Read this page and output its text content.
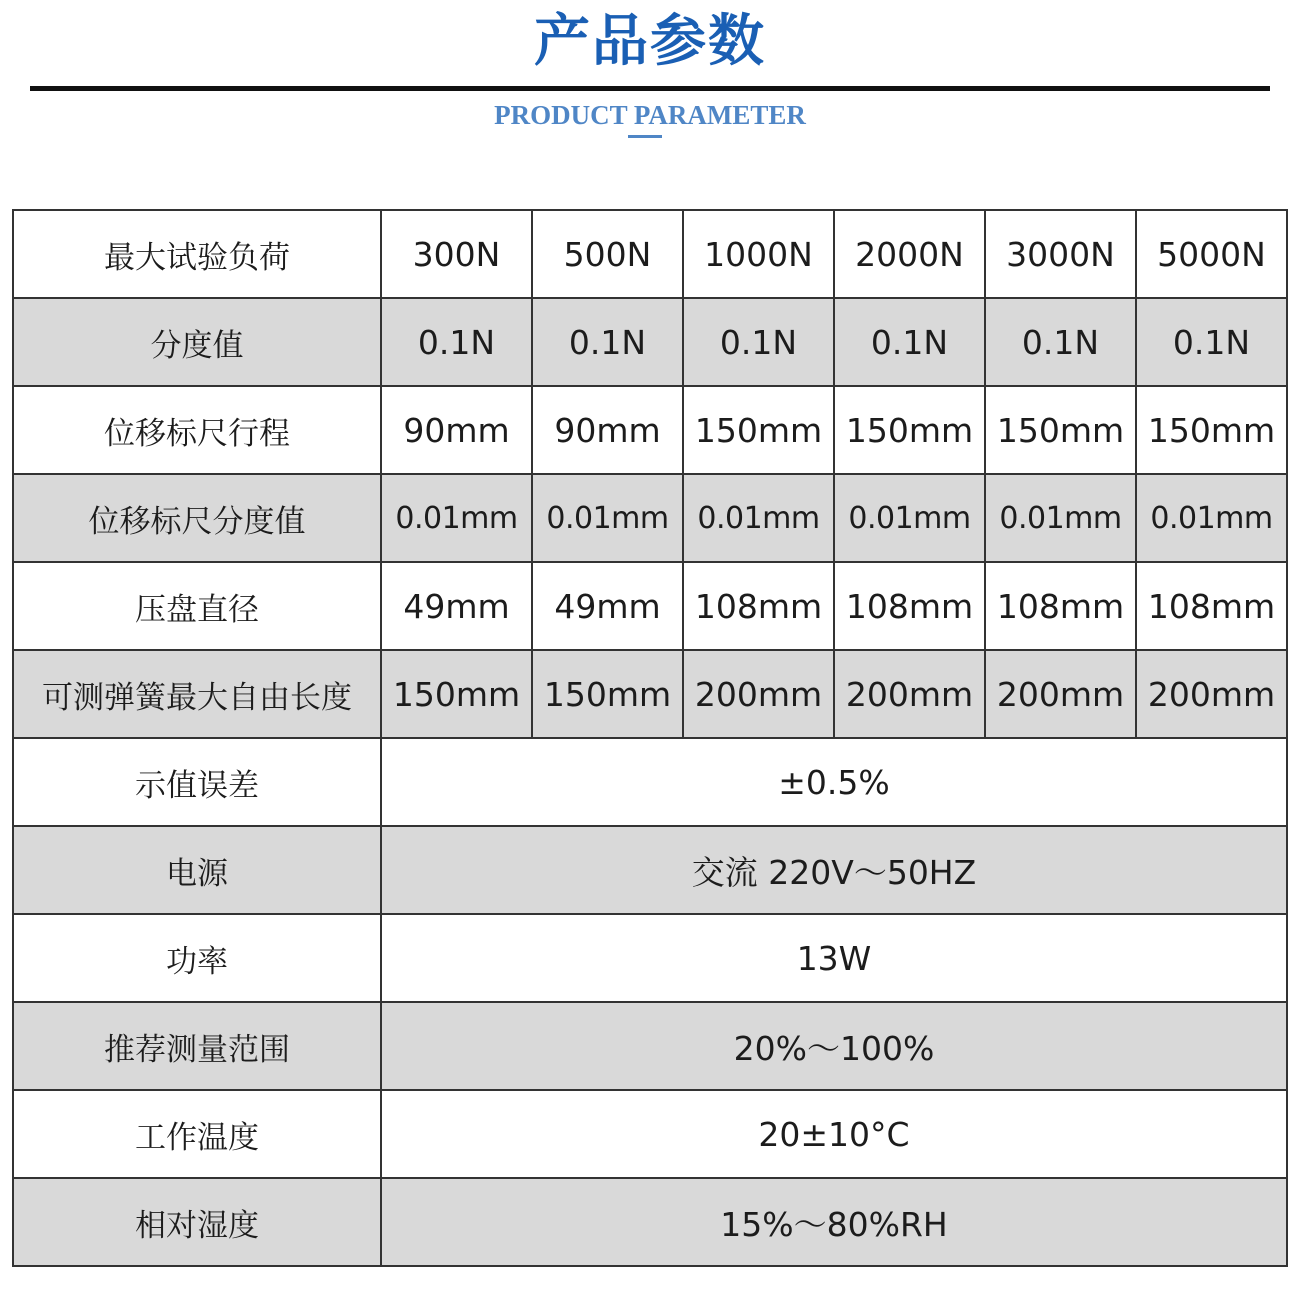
产品参数
PRODUCT PARAMETER
最大试验负荷	300N	500N	1000N	2000N	3000N	5000N
分度值	0.1N	0.1N	0.1N	0.1N	0.1N	0.1N
位移标尺行程	90mm	90mm	150mm	150mm	150mm	150mm
位移标尺分度值	0.01mm	0.01mm	0.01mm	0.01mm	0.01mm	0.01mm
压盘直径	49mm	49mm	108mm	108mm	108mm	108mm
可测弹簧最大自由长度	150mm	150mm	200mm	200mm	200mm	200mm
示值误差	±0.5%					
电源	交流 220V～50HZ					
功率	13W					
推荐测量范围	20%～100%					
工作温度	20±10°C					
相对湿度	15%～80%RH					
